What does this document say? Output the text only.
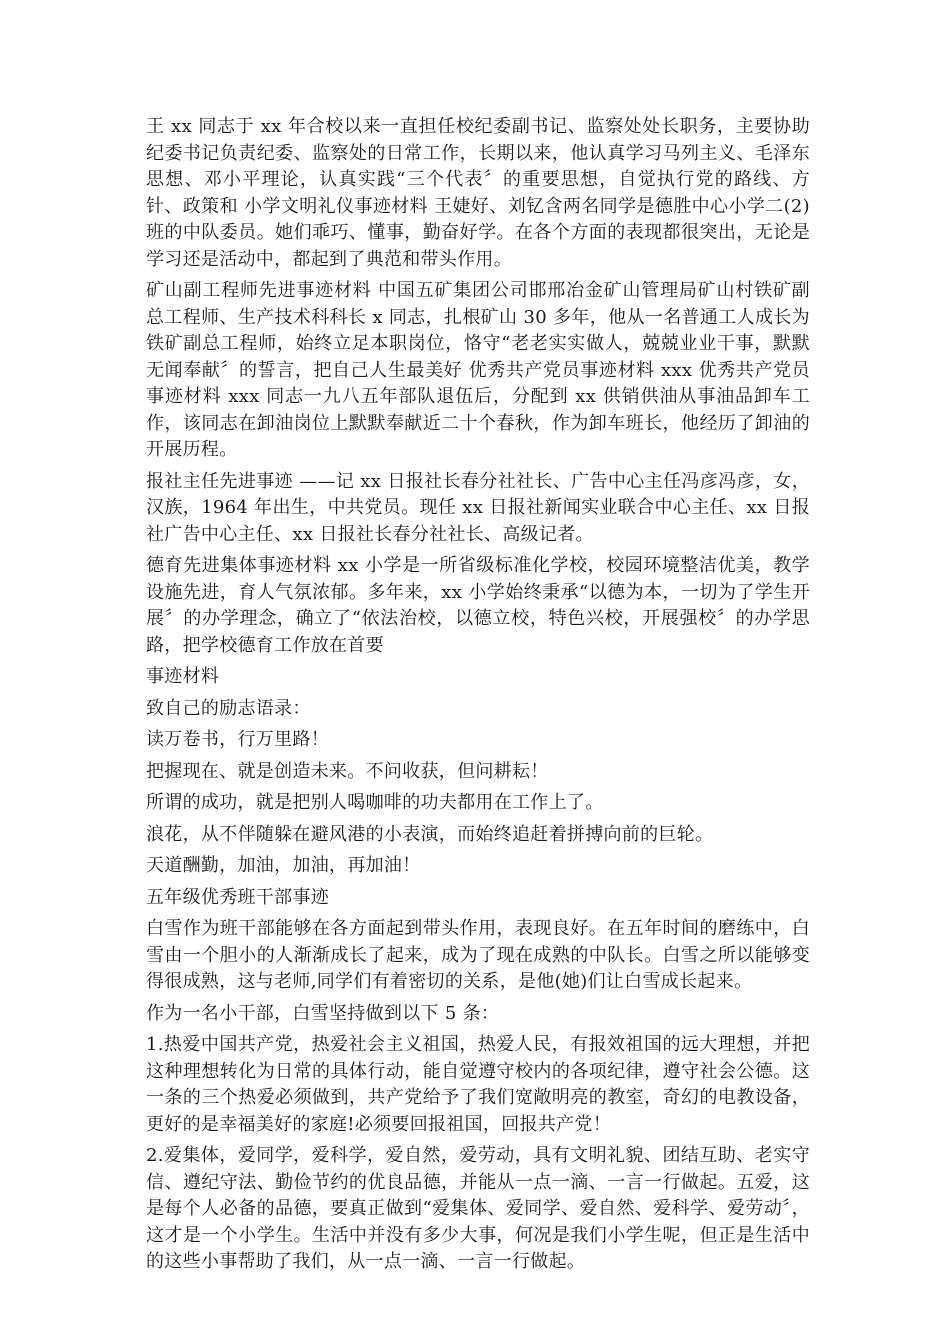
王 xx 同志于 xx 年合校以来一直担任校纪委副书记、监察处处长职务，主要协助纪委书记负责纪委、监察处的日常工作，长期以来，他认真学习马列主义、毛泽东思想、邓小平理论，认真实践“三个代表〞的重要思想，自觉执行党的路线、方针、政策和 小学文明礼仪事迹材料 王婕好、刘钇含两名同学是德胜中心小学二(2)班的中队委员。她们乖巧、懂事，勤奋好学。在各个方面的表现都很突出，无论是学习还是活动中，都起到了典范和带头作用。

矿山副工程师先进事迹材料 中国五矿集团公司邯邢冶金矿山管理局矿山村铁矿副总工程师、生产技术科科长 x 同志，扎根矿山 30 多年，他从一名普通工人成长为铁矿副总工程师，始终立足本职岗位，恪守“老老实实做人，兢兢业业干事，默默无闻奉献〞的誓言，把自己人生最美好 优秀共产党员事迹材料 xxx 优秀共产党员事迹材料 xxx 同志一九八五年部队退伍后，分配到 xx 供销供油从事油品卸车工作，该同志在卸油岗位上默默奉献近二十个春秋，作为卸车班长，他经历了卸油的开展历程。

报社主任先进事迹 ——记 xx 日报社长春分社社长、广告中心主任冯彦冯彦，女，汉族，1964 年出生，中共党员。现任 xx 日报社新闻实业联合中心主任、xx 日报社广告中心主任、xx 日报社长春分社社长、高级记者。

德育先进集体事迹材料 xx 小学是一所省级标准化学校，校园环境整洁优美，教学设施先进，育人气氛浓郁。多年来，xx 小学始终秉承“以德为本，一切为了学生开展〞的办学理念，确立了“依法治校，以德立校，特色兴校，开展强校〞的办学思路，把学校德育工作放在首要

事迹材料

致自己的励志语录：

读万卷书，行万里路！

把握现在、就是创造未来。不问收获，但问耕耘！

所谓的成功，就是把别人喝咖啡的功夫都用在工作上了。

浪花，从不伴随躲在避风港的小表演，而始终追赶着拼搏向前的巨轮。

天道酬勤，加油，加油，再加油！

五年级优秀班干部事迹

白雪作为班干部能够在各方面起到带头作用，表现良好。在五年时间的磨练中，白雪由一个胆小的人渐渐成长了起来，成为了现在成熟的中队长。白雪之所以能够变得很成熟，这与老师,同学们有着密切的关系，是他(她)们让白雪成长起来。

作为一名小干部，白雪坚持做到以下 5 条：

1.热爱中国共产党，热爱社会主义祖国，热爱人民，有报效祖国的远大理想，并把这种理想转化为日常的具体行动，能自觉遵守校内的各项纪律，遵守社会公德。这一条的三个热爱必须做到，共产党给予了我们宽敞明亮的教室，奇幻的电教设备，更好的是幸福美好的家庭!必须要回报祖国，回报共产党！

2.爱集体，爱同学，爱科学，爱自然，爱劳动，具有文明礼貌、团结互助、老实守信、遵纪守法、勤俭节约的优良品德，并能从一点一滴、一言一行做起。五爱，这是每个人必备的品德，要真正做到“爱集体、爱同学、爱自然、爱科学、爱劳动〞，这才是一个小学生。生活中并没有多少大事，何况是我们小学生呢，但正是生活中的这些小事帮助了我们，从一点一滴、一言一行做起。
